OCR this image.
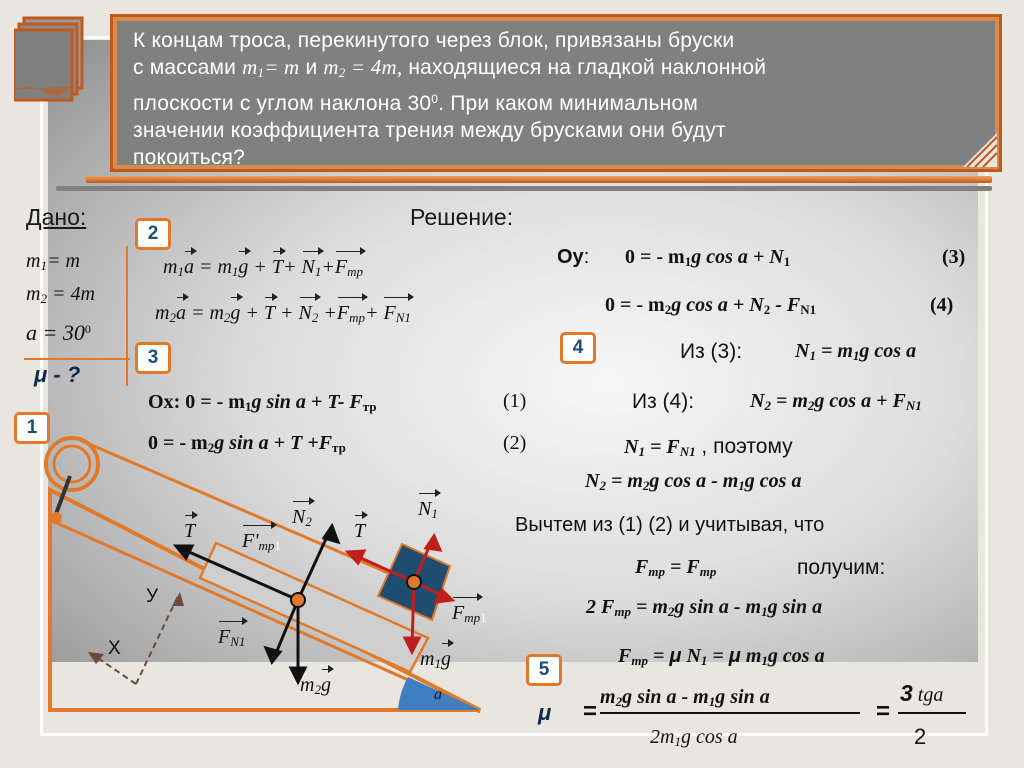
К концам троса, перекинутого через блок, привязаны бруски
с массами $m_1= m$ и $m_2 = 4m$, находящиеся на гладкой наклонной
плоскости с углом наклона $30^0$. При каком минимальном
значении коэффициента трения между брусками они будут
покоиться?

Дано:
$m_1= m$
$m_2 = 4m$
$a = 30^0$
μ - ?
Решение:
2
3	4
1
5
$m_1a = m_1g + T+ N_1+F_{тр}$
$m_2a = m_2g + T + N_2 +F_{тр}+ F_{N1}$
Ox: 0 = - $m_1g$ sin a + T- $F_{тр}$	(1)
0 = - $m_2g$ $\sin a + T +F_{тр}$	(2)
Oy: 0 = - $m_1g$ $\cos a + N_1$	(3)
0 = - $m_2g$ $\cos a + N_2 - F_{N1}$	(4)
Из (3):	$N_1 = m_1g$ cos a
Из (4):	$N_2 = m_2g$ $\cos a + F_{N1}$
$N_1 = F_{N1}$ , поэтому
$N_2 = m_2g$ cos a - $m_1g$ cos a
Вычтем из (1) (2) и учитывая, что
$F_{тр} = F_{тр}$	получим:
2 $F_{тр} = m_2g$ sin a - $m_1g$ sin a
$F_{тр} = \mu$ $N_1 = \mu$ $m_1g$ cos a
μ =
$m_2g$ sin a - $m_1g$ sin a
$2m_1g$ cos a
=
3 tga
2
T $F'_{тр1}$
$N_2$ T
$N_1$
$F_{тр1}$
$F_{N1}$
$m_1g$
$m_2g$
У
Х
a
